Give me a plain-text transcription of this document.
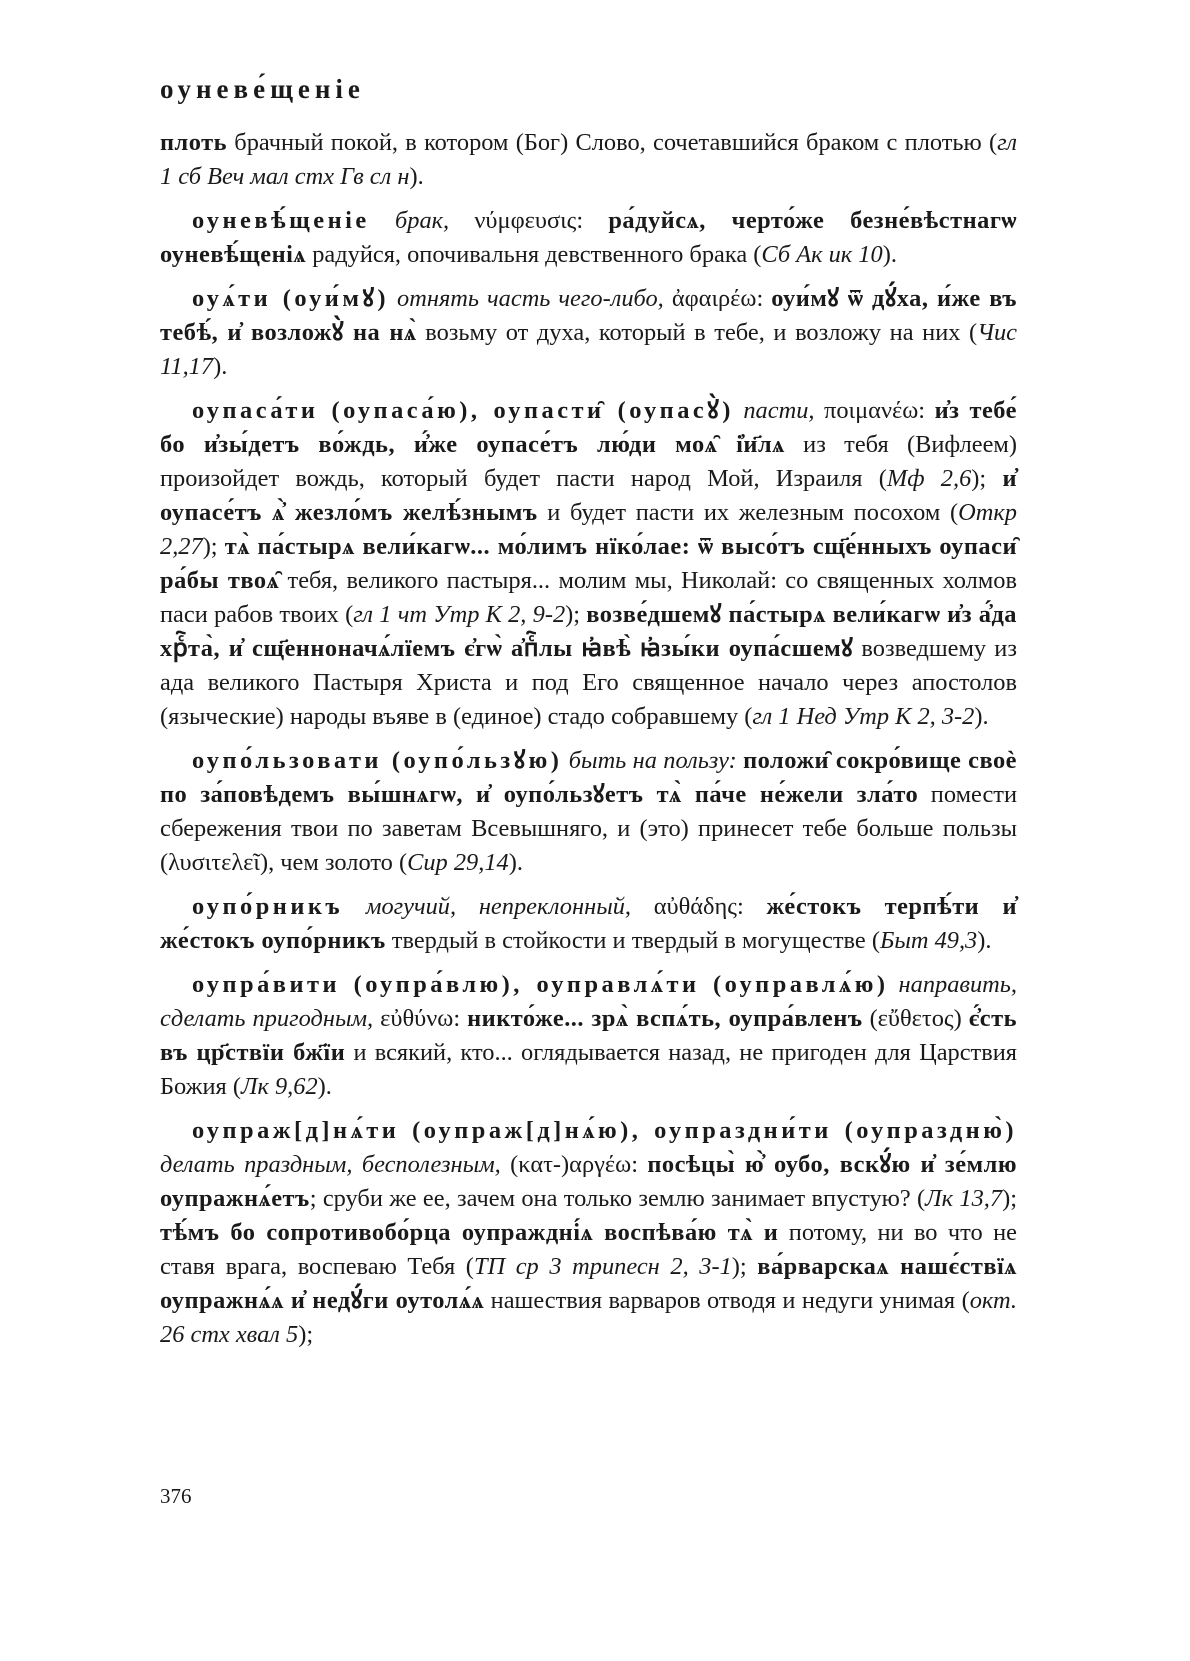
оуневе́щеніе

плоть брачный покой, в котором (Бог) Слово, сочетавшийся браком с плотью (гл 1 сб Веч мал стх Гв сл н).

оуневѣ́щеніе брак, νύμφευσις: ра́дуйсѧ, черто́же безне́вѣстнагѡ оуневѣ́щеніѧ радуйся, опочивальня девственного брака (Сб Ак ик 10).

оуѧ́ти (оуи́мꙋ) отнять часть чего-либо, ἀφαιρέω: оуи́мꙋ ѿ дꙋ́ха, и́же въ тебѣ́, и҆ возложꙋ̀ на нѧ̀ возьму от духа, который в тебе, и возложу на них (Чис 11,17).

оупаса́ти (оупаса́ю), оупасти̑ (оупасꙋ̀) пасти, ποιμανέω: и҆з тебе́ бо и҆зы́детъ во́ждь, и҆́же оупасе́тъ лю́ди моѧ̑ і҆и҃лѧ из тебя (Вифлеем) произойдет вождь, который будет пасти народ Мой, Израиля (Мф 2,6); и҆ оупасе́тъ ѧ҆̀ жезло́мъ желѣ́знымъ и будет пасти их железным посохом (Откр 2,27); тѧ̀ па́стырѧ вели́кагѡ... мо́лимъ нїко́лае: ѿ высо́тъ сщ҃е́нныхъ оупаси̑ ра́бы твоѧ̑ тебя, великого пастыря... молим мы, Николай: со священных холмов паси рабов твоих (гл 1 чт Утр К 2, 9-2); возве́дшемꙋ па́стырѧ вели́кагѡ и҆з а҆́да хрⷭ҇та̀, и҆ сщ҃енноначѧ́лїемъ є҆гѡ̀ а҆пⷭ҇лы ꙗ҆вѣ̀ ꙗ҆зы́ки оупа́сшемꙋ возведшему из ада великого Пастыря Христа и под Его священное начало через апостолов (языческие) народы въяве в (единое) стадо собравшему (гл 1 Нед Утр К 2, 3-2).

оупо́льзовати (оупо́льзꙋю) быть на пользу: положи̑ сокро́вище своѐ по за́повѣдемъ вы́шнѧгѡ, и҆ оупо́льзꙋетъ тѧ̀ па́че не́жели зла́то помести сбережения твои по заветам Всевышняго, и (это) принесет тебе больше пользы (λυσιτελεῖ), чем золото (Сир 29,14).

оупо́рникъ могучий, непреклонный, αὐθάδης: же́стокъ терпѣ́ти и҆ же́стокъ оупо́рникъ твердый в стойкости и твердый в могуществе (Быт 49,3).

оупра́вити (оупра́влю), оуправлѧ́ти (оуправлѧ́ю) направить, сделать пригодным, εὐθύνω: никто́же... зрѧ̀ вспѧ́ть, оупра́вленъ (εὔθετος) є҆́сть въ цр҃ствїи бж҃їи и всякий, кто... оглядывается назад, не пригоден для Царствия Божия (Лк 9,62).

оупраж[д]нѧ́ти (оупраж[д]нѧ́ю), оупраздни́ти (оупраздню̀) делать праздным, бесполезным, (κατ-)αργέω: посѣцы̀ ю҆̀ оубо, вскꙋ́ю и҆ зе́млю оупражнѧ́етъ; сруби же ее, зачем она только землю занимает впустую? (Лк 13,7); тѣ́мъ бо сопротивобо́рца оупраждні́ѧ воспѣва́ю тѧ̀ и потому, ни во что не ставя врага, воспеваю Тебя (ТП ср 3 трипесн 2, 3-1); ва́рварскаѧ нашє́ствїѧ оупражнѧ́ѧ и҆ недꙋ́ги оутолѧ́ѧ нашествия варваров отводя и недуги унимая (окт. 26 стх хвал 5);

376
